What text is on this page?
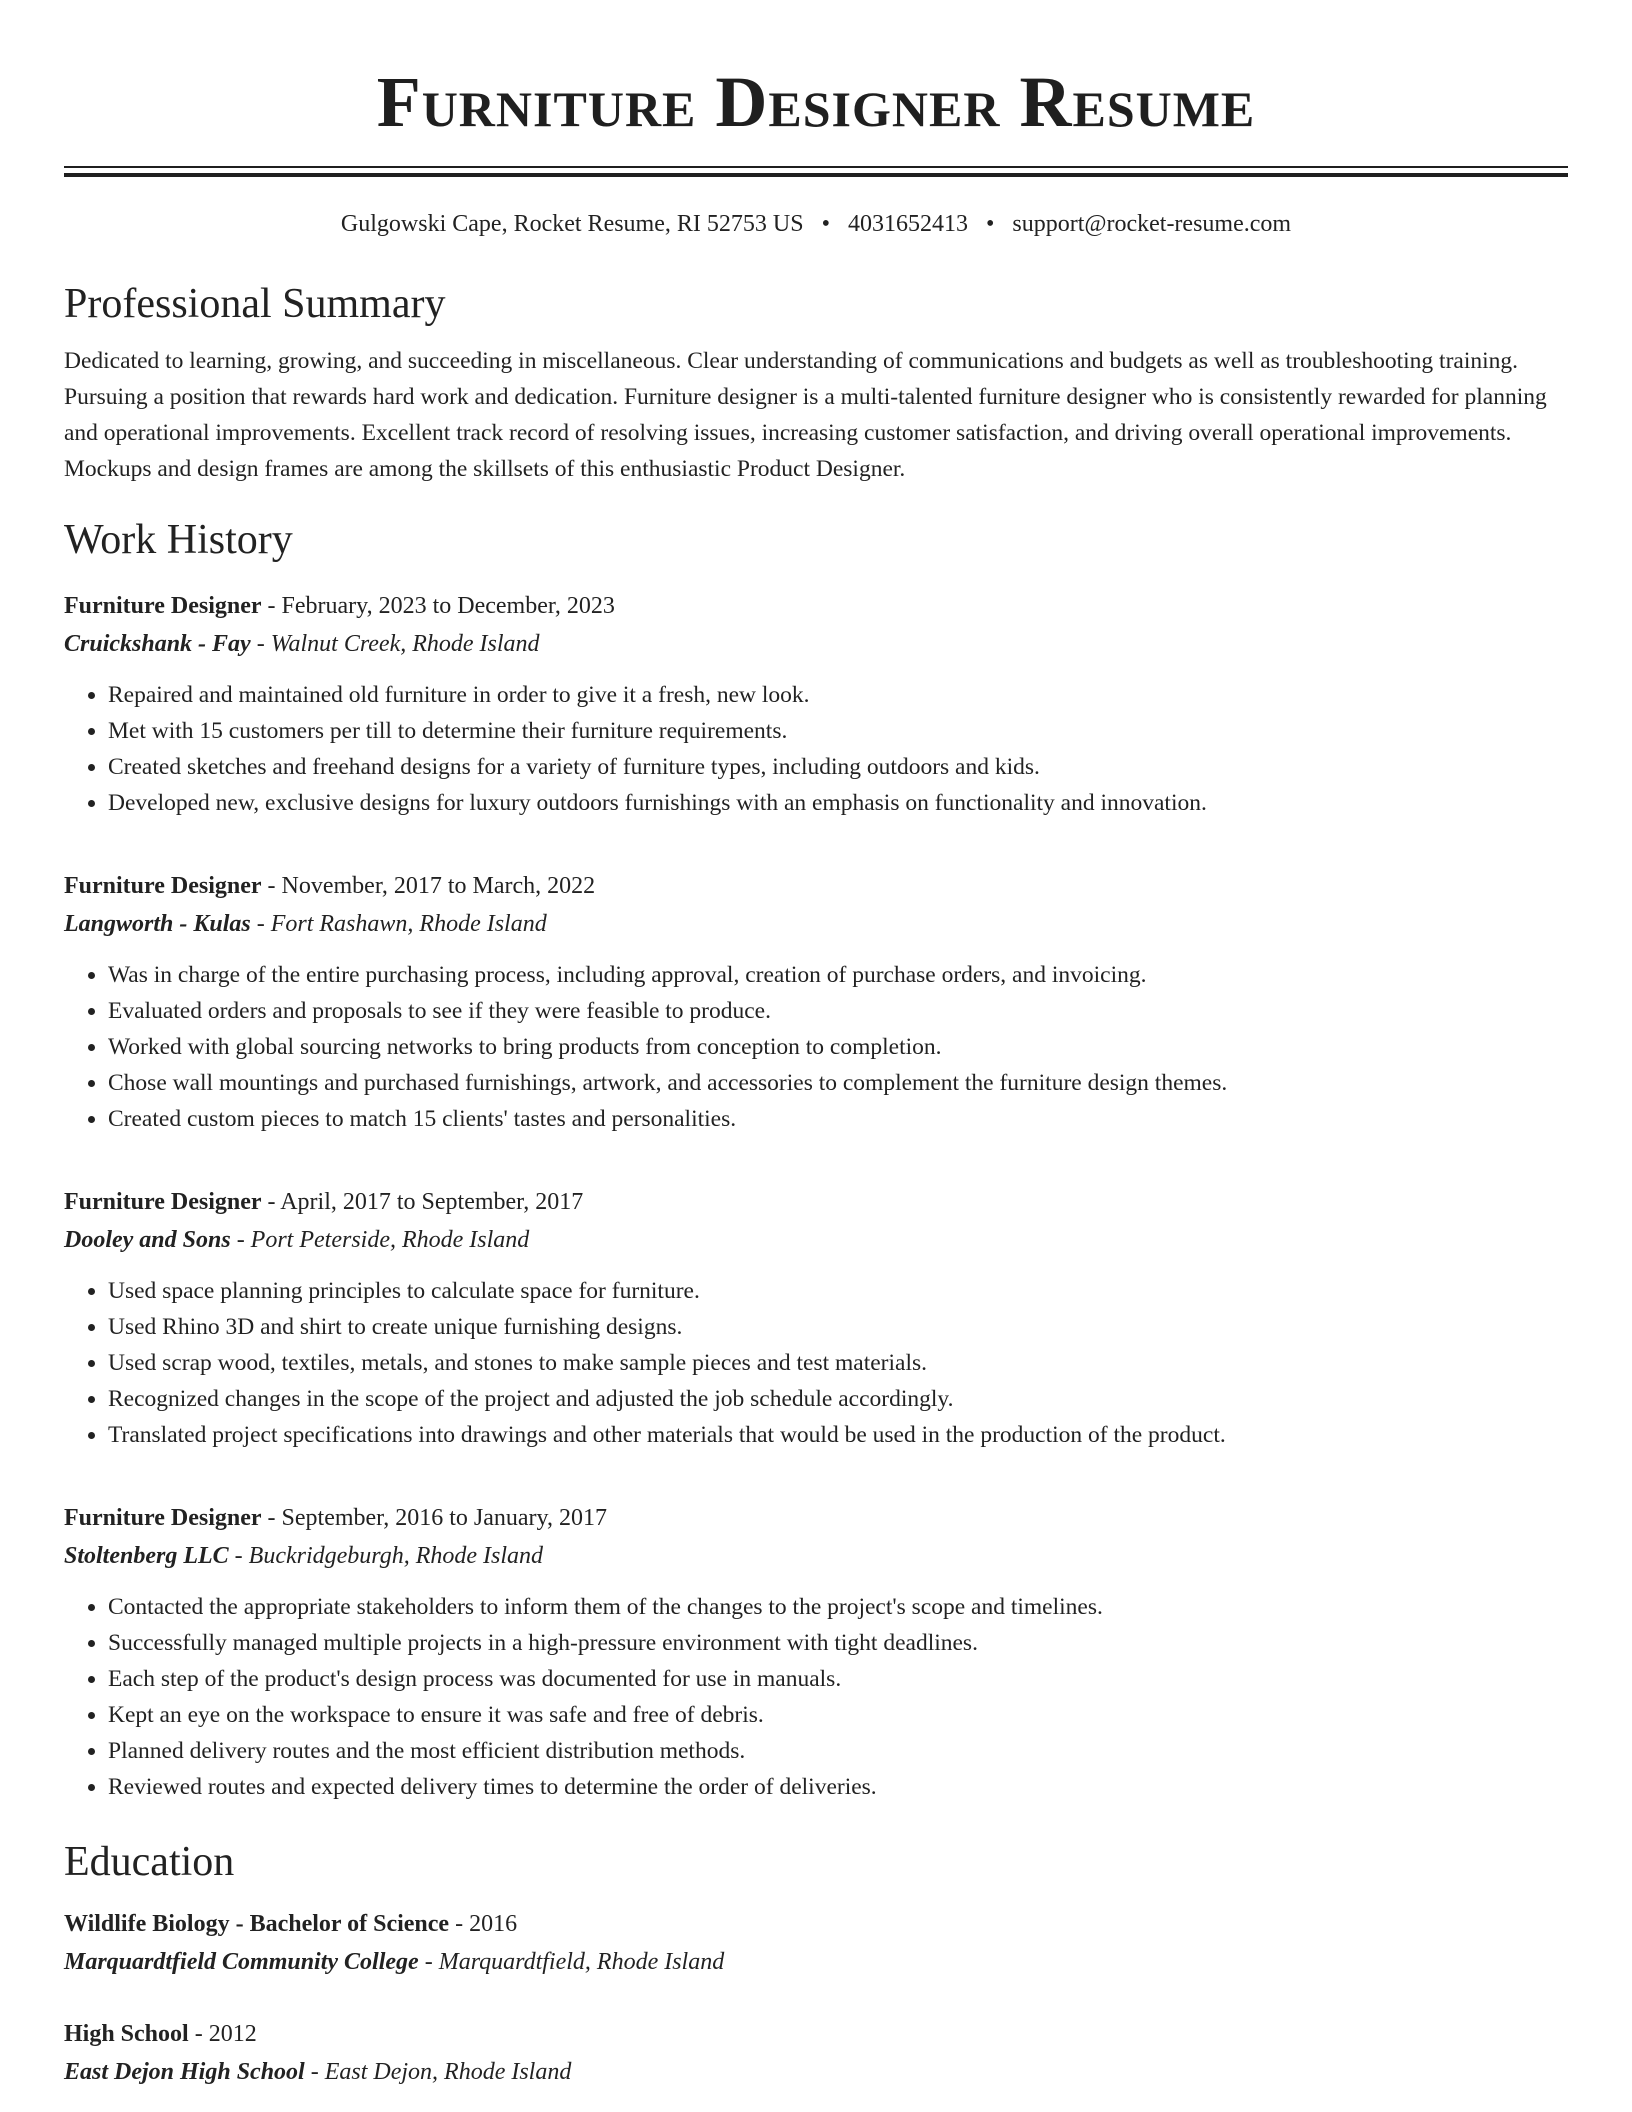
Furniture Designer Resume
Gulgowski Cape, Rocket Resume, RI 52753 US • 4031652413 • support@rocket-resume.com
Professional Summary

Dedicated to learning, growing, and succeeding in miscellaneous. Clear understanding of communications and budgets as well as troubleshooting training. Pursuing a position that rewards hard work and dedication. Furniture designer is a multi-talented furniture designer who is consistently rewarded for planning and operational improvements. Excellent track record of resolving issues, increasing customer satisfaction, and driving overall operational improvements. Mockups and design frames are among the skillsets of this enthusiastic Product Designer.

Work History
Furniture Designer - February, 2023 to December, 2023
Cruickshank - Fay - Walnut Creek, Rhode Island
• Repaired and maintained old furniture in order to give it a fresh, new look.
• Met with 15 customers per till to determine their furniture requirements.
• Created sketches and freehand designs for a variety of furniture types, including outdoors and kids.
• Developed new, exclusive designs for luxury outdoors furnishings with an emphasis on functionality and innovation.
Furniture Designer - November, 2017 to March, 2022
Langworth - Kulas - Fort Rashawn, Rhode Island
• Was in charge of the entire purchasing process, including approval, creation of purchase orders, and invoicing.
• Evaluated orders and proposals to see if they were feasible to produce.
• Worked with global sourcing networks to bring products from conception to completion.
• Chose wall mountings and purchased furnishings, artwork, and accessories to complement the furniture design themes.
• Created custom pieces to match 15 clients' tastes and personalities.
Furniture Designer - April, 2017 to September, 2017
Dooley and Sons - Port Peterside, Rhode Island
• Used space planning principles to calculate space for furniture.
• Used Rhino 3D and shirt to create unique furnishing designs.
• Used scrap wood, textiles, metals, and stones to make sample pieces and test materials.
• Recognized changes in the scope of the project and adjusted the job schedule accordingly.
• Translated project specifications into drawings and other materials that would be used in the production of the product.
Furniture Designer - September, 2016 to January, 2017
Stoltenberg LLC - Buckridgeburgh, Rhode Island
• Contacted the appropriate stakeholders to inform them of the changes to the project's scope and timelines.
• Successfully managed multiple projects in a high-pressure environment with tight deadlines.
• Each step of the product's design process was documented for use in manuals.
• Kept an eye on the workspace to ensure it was safe and free of debris.
• Planned delivery routes and the most efficient distribution methods.
• Reviewed routes and expected delivery times to determine the order of deliveries.
Education
Wildlife Biology - Bachelor of Science - 2016
Marquardtfield Community College - Marquardtfield, Rhode Island
High School - 2012
East Dejon High School - East Dejon, Rhode Island
